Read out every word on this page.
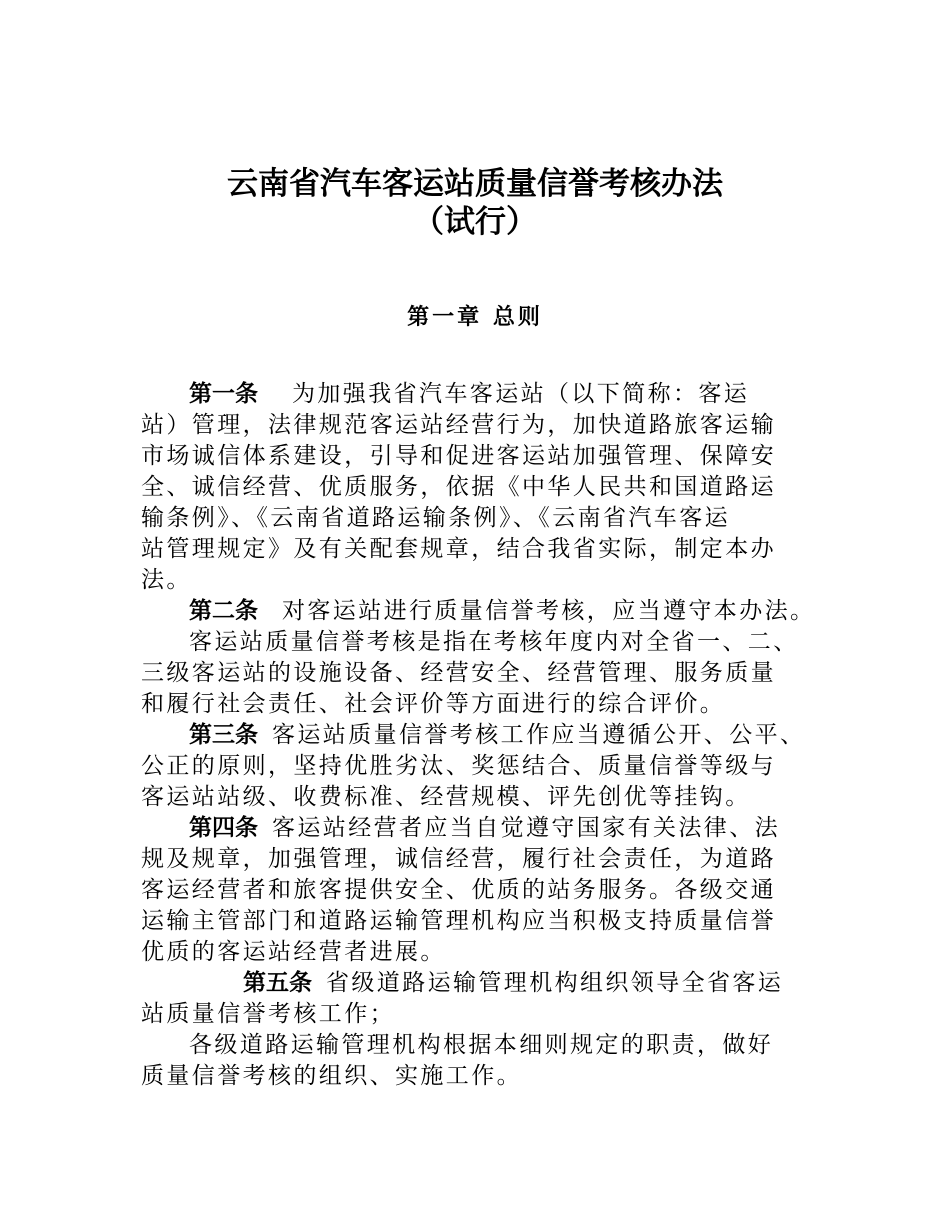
云南省汽车客运站质量信誉考核办法
（试行）
第一章 总则
第一条 为加强我省汽车客运站（以下简称：客运
站）管理，法律规范客运站经营行为，加快道路旅客运输
市场诚信体系建设，引导和促进客运站加强管理、保障安
全、诚信经营、优质服务，依据《中华人民共和国道路运
输条例》、《云南省道路运输条例》、《云南省汽车客运
站管理规定》及有关配套规章，结合我省实际，制定本办
法。
第二条 对客运站进行质量信誉考核，应当遵守本办法。
客运站质量信誉考核是指在考核年度内对全省一、二、
三级客运站的设施设备、经营安全、经营管理、服务质量
和履行社会责任、社会评价等方面进行的综合评价。
第三条 客运站质量信誉考核工作应当遵循公开、公平、
公正的原则，坚持优胜劣汰、奖惩结合、质量信誉等级与
客运站站级、收费标准、经营规模、评先创优等挂钩。
第四条 客运站经营者应当自觉遵守国家有关法律、法
规及规章，加强管理，诚信经营，履行社会责任，为道路
客运经营者和旅客提供安全、优质的站务服务。各级交通
运输主管部门和道路运输管理机构应当积极支持质量信誉
优质的客运站经营者进展。
第五条 省级道路运输管理机构组织领导全省客运
站质量信誉考核工作；
各级道路运输管理机构根据本细则规定的职责，做好
质量信誉考核的组织、实施工作。
